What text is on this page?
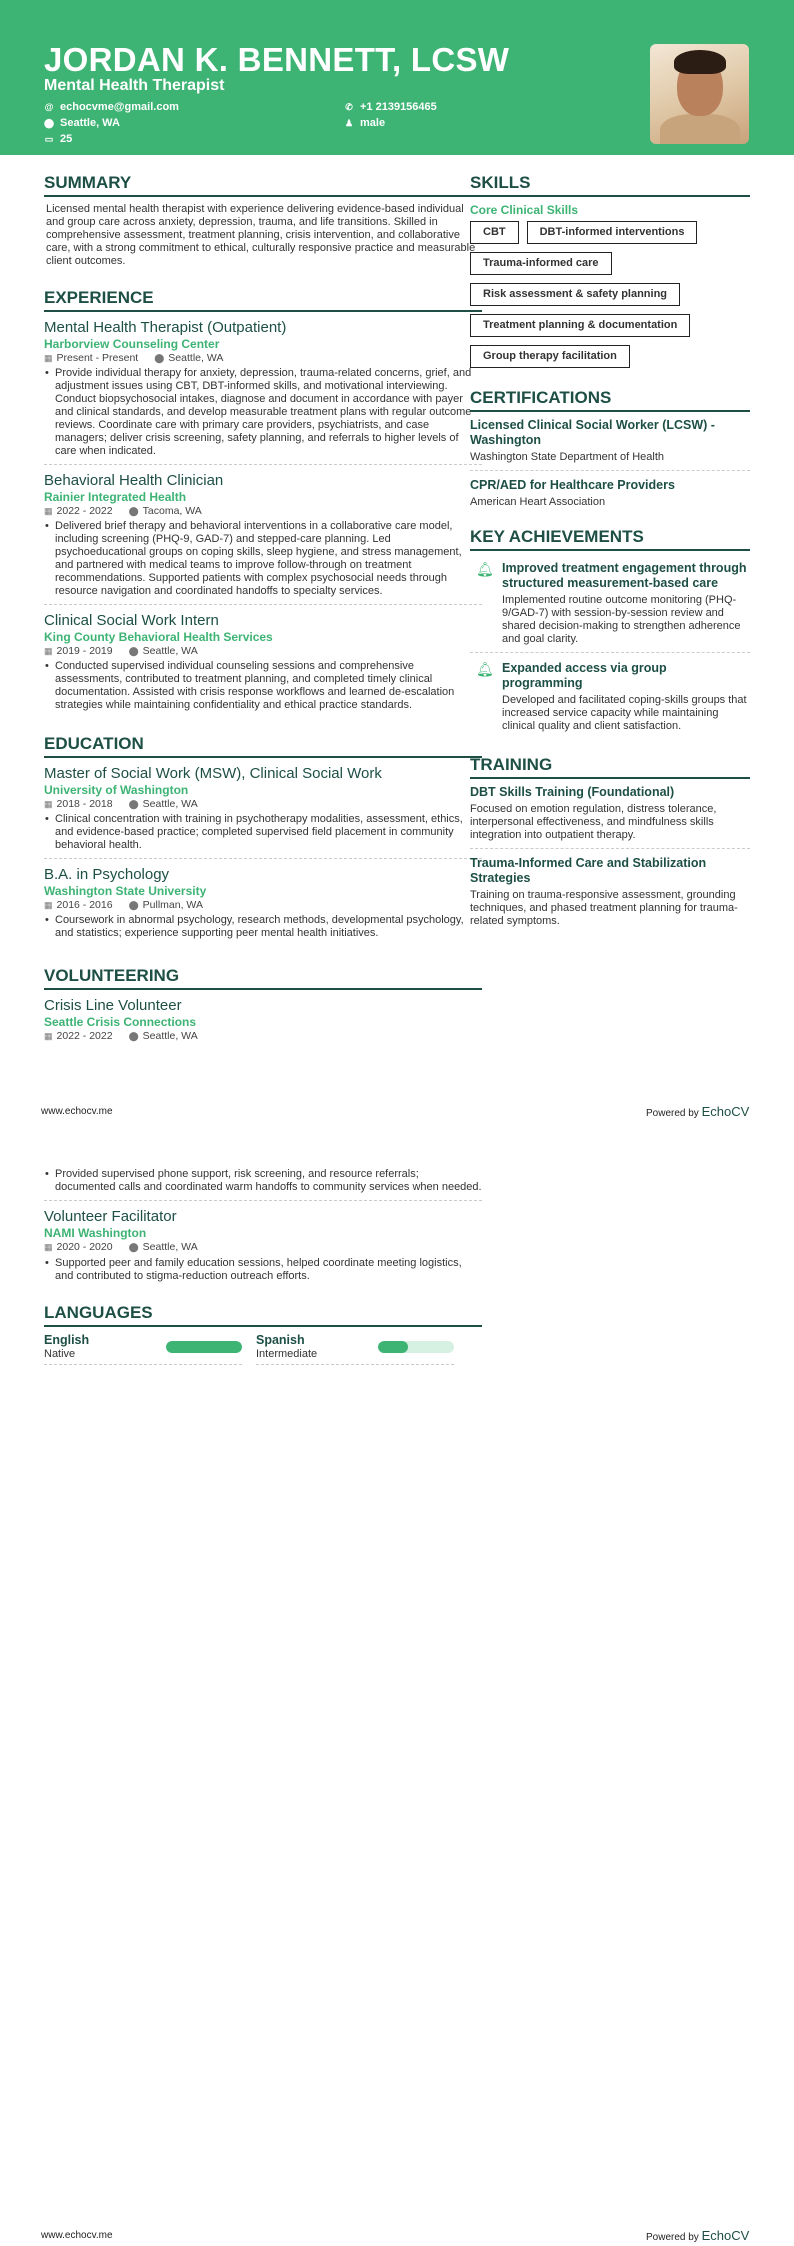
JORDAN K. BENNETT, LCSW
Mental Health Therapist
@ echocvme@gmail.com
⬤ Seattle, WA
▭ 25
✆ +1 2139156465
♟ male
SUMMARY
Licensed mental health therapist with experience delivering evidence-based individual and group care across anxiety, depression, trauma, and life transitions. Skilled in comprehensive assessment, treatment planning, crisis intervention, and collaborative care, with a strong commitment to ethical, culturally responsive practice and measurable client outcomes.
EXPERIENCE
Mental Health Therapist (Outpatient)
Harborview Counseling Center
▦ Present - Present ⬤ Seattle, WA
• Provide individual therapy for anxiety, depression, trauma-related concerns, grief, and adjustment issues using CBT, DBT-informed skills, and motivational interviewing. Conduct biopsychosocial intakes, diagnose and document in accordance with payer and clinical standards, and develop measurable treatment plans with regular outcome reviews. Coordinate care with primary care providers, psychiatrists, and case managers; deliver crisis screening, safety planning, and referrals to higher levels of care when indicated.
Behavioral Health Clinician
Rainier Integrated Health
▦ 2022 - 2022 ⬤ Tacoma, WA
• Delivered brief therapy and behavioral interventions in a collaborative care model, including screening (PHQ-9, GAD-7) and stepped-care planning. Led psychoeducational groups on coping skills, sleep hygiene, and stress management, and partnered with medical teams to improve follow-through on treatment recommendations. Supported patients with complex psychosocial needs through resource navigation and coordinated handoffs to specialty services.
Clinical Social Work Intern
King County Behavioral Health Services
▦ 2019 - 2019 ⬤ Seattle, WA
• Conducted supervised individual counseling sessions and comprehensive assessments, contributed to treatment planning, and completed timely clinical documentation. Assisted with crisis response workflows and learned de-escalation strategies while maintaining confidentiality and ethical practice standards.
EDUCATION
Master of Social Work (MSW), Clinical Social Work
University of Washington
▦ 2018 - 2018 ⬤ Seattle, WA
• Clinical concentration with training in psychotherapy modalities, assessment, ethics, and evidence-based practice; completed supervised field placement in community behavioral health.
B.A. in Psychology
Washington State University
▦ 2016 - 2016 ⬤ Pullman, WA
• Coursework in abnormal psychology, research methods, developmental psychology, and statistics; experience supporting peer mental health initiatives.
VOLUNTEERING
Crisis Line Volunteer
Seattle Crisis Connections
▦ 2022 - 2022 ⬤ Seattle, WA
SKILLS
Core Clinical Skills
CBT	DBT-informed interventions
Trauma-informed care
Risk assessment & safety planning
Treatment planning & documentation
Group therapy facilitation
CERTIFICATIONS
Licensed Clinical Social Worker (LCSW) - Washington
Washington State Department of Health
CPR/AED for Healthcare Providers
American Heart Association
KEY ACHIEVEMENTS
🔔︎ Improved treatment engagement through structured measurement-based care
Implemented routine outcome monitoring (PHQ-9/GAD-7) with session-by-session review and shared decision-making to strengthen adherence and goal clarity.
🔔︎ Expanded access via group programming
Developed and facilitated coping-skills groups that increased service capacity while maintaining clinical quality and client satisfaction.
TRAINING
DBT Skills Training (Foundational)
Focused on emotion regulation, distress tolerance, interpersonal effectiveness, and mindfulness skills integration into outpatient therapy.
Trauma-Informed Care and Stabilization Strategies
Training on trauma-responsive assessment, grounding techniques, and phased treatment planning for trauma-related symptoms.
www.echocv.me	Powered by EchoCV
• Provided supervised phone support, risk screening, and resource referrals; documented calls and coordinated warm handoffs to community services when needed.
Volunteer Facilitator
NAMI Washington
▦ 2020 - 2020 ⬤ Seattle, WA
• Supported peer and family education sessions, helped coordinate meeting logistics, and contributed to stigma-reduction outreach efforts.
LANGUAGES
English
Native
Spanish
Intermediate
www.echocv.me	Powered by EchoCV
